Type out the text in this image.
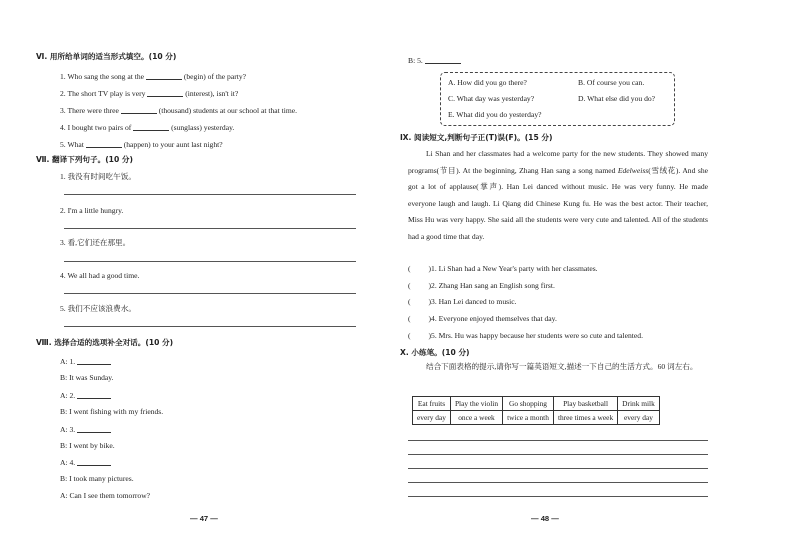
Ⅵ. 用所给单词的适当形式填空。(10 分)
1. Who sang the song at the	(begin) of the party?
2. The short TV play is very	(interest), isn't it?
3. There were three	(thousand) students at our school at that time.
4. I bought two pairs of	(sunglass) yesterday.
5. What	(happen) to your aunt last night?
Ⅶ. 翻译下列句子。(10 分)
1. 我没有时间吃午饭。
2. I'm a little hungry.
3. 看,它们还在那里。
4. We all had a good time.
5. 我们不应该浪费水。
Ⅷ. 选择合适的选项补全对话。(10 分)
A: 1.
B: It was Sunday.
A: 2.
B: I went fishing with my friends.
A: 3.
B: I went by bike.
A: 4.
B: I took many pictures.
A: Can I see them tomorrow?
— 47 —
B: 5.
A. How did you go there?	B. Of course you can.
C. What day was yesterday?	D. What else did you do?
E. What did you do yesterday?
Ⅸ. 阅读短文,判断句子正(T)误(F)。(15 分)
Li Shan and her classmates had a welcome party for the new students. They showed many programs(节目). At the beginning, Zhang Han sang a song named Edelweiss(雪绒花). And she got a lot of applause(掌声). Han Lei danced without music. He was very funny. He made everyone laugh and laugh. Li Qiang did Chinese Kung fu. He was the best actor. Their teacher, Miss Hu was very happy. She said all the students were very cute and talented. All of the students had a good time that day.
( )1. Li Shan had a New Year's party with her classmates.
( )2. Zhang Han sang an English song first.
( )3. Han Lei danced to music.
( )4. Everyone enjoyed themselves that day.
( )5. Mrs. Hu was happy because her students were so cute and talented.
Ⅹ. 小练笔。(10 分)
结合下面表格的提示,请你写一篇英语短文,描述一下自己的生活方式。60 词左右。
Eat fruits	Play the violin	Go shopping	Play basketball	Drink milk
every day	once a week	twice a month	three times a week	every day
— 48 —
